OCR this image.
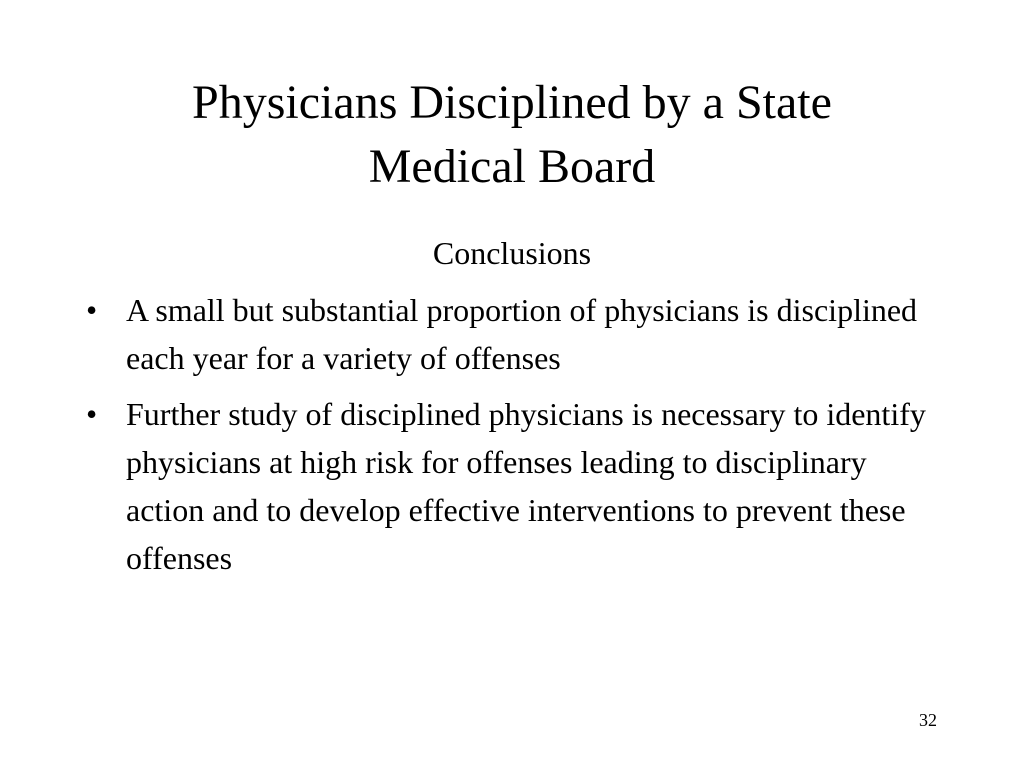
Physicians Disciplined by a State
Medical Board
Conclusions
• A small but substantial proportion of physicians is disciplined each year for a variety of offenses
• Further study of disciplined physicians is necessary to identify physicians at high risk for offenses leading to disciplinary action and to develop effective interventions to prevent these offenses
32
